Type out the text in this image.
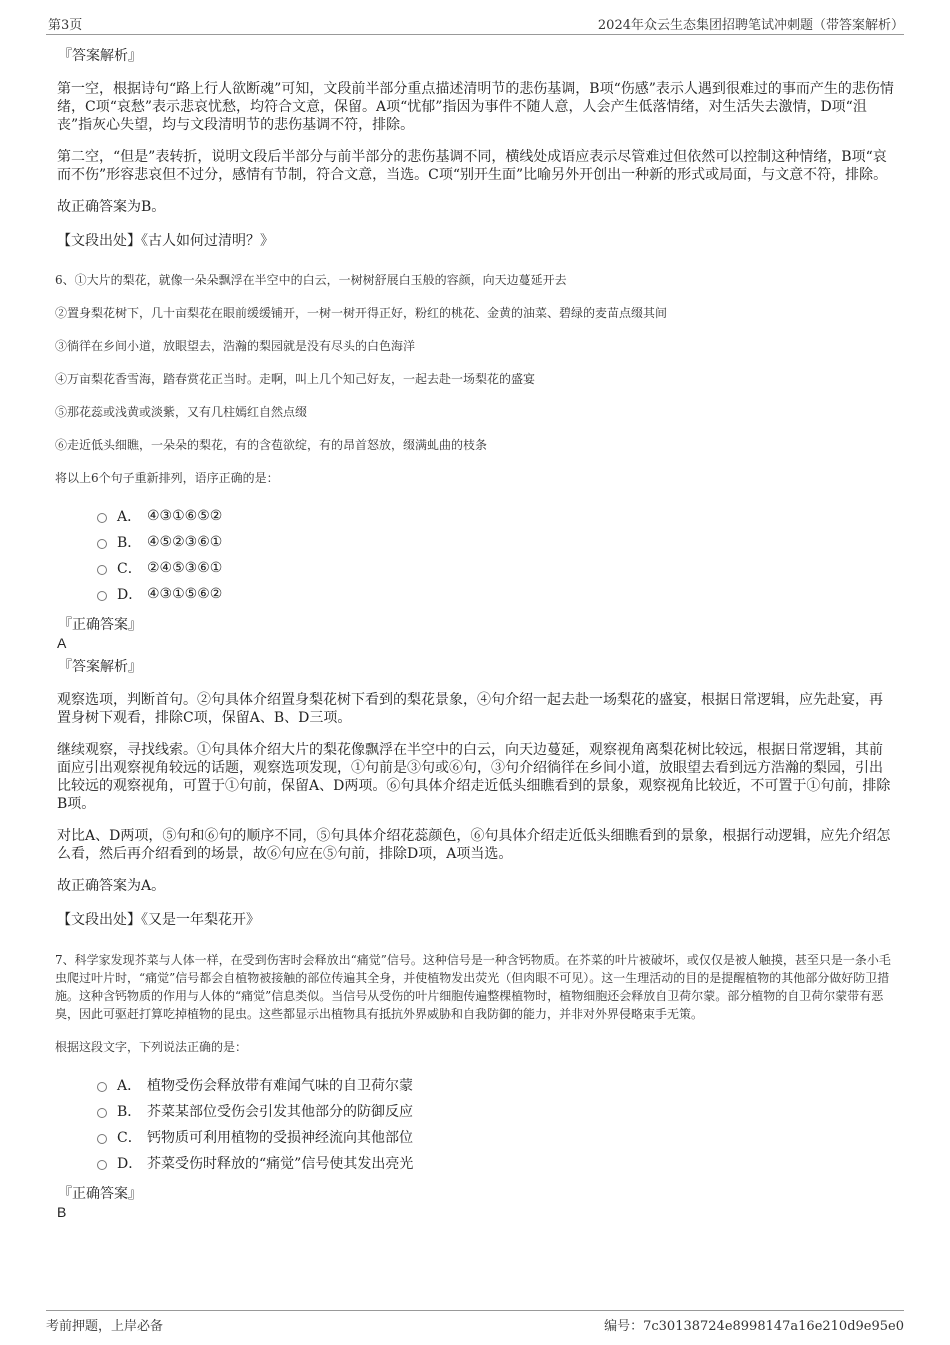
第3页	2024年众云生态集团招聘笔试冲刺题（带答案解析）
『答案解析』

第一空，根据诗句“路上行人欲断魂”可知，文段前半部分重点描述清明节的悲伤基调，B项“伤感”表示人遇到很难过的事而产生的悲伤情绪，C项“哀愁”表示悲哀忧愁，均符合文意，保留。A项“忧郁”指因为事件不随人意，人会产生低落情绪，对生活失去激情，D项“沮丧”指灰心失望，均与文段清明节的悲伤基调不符，排除。

第二空，“但是”表转折，说明文段后半部分与前半部分的悲伤基调不同，横线处成语应表示尽管难过但依然可以控制这种情绪，B项“哀而不伤”形容悲哀但不过分，感情有节制，符合文意，当选。C项“别开生面”比喻另外开创出一种新的形式或局面，与文意不符，排除。

故正确答案为B。

【文段出处】《古人如何过清明？》
6、①大片的梨花，就像一朵朵飘浮在半空中的白云，一树树舒展白玉般的容颜，向天边蔓延开去
②置身梨花树下，几十亩梨花在眼前缓缓铺开，一树一树开得正好，粉红的桃花、金黄的油菜、碧绿的麦苗点缀其间
③徜徉在乡间小道，放眼望去，浩瀚的梨园就是没有尽头的白色海洋
④万亩梨花香雪海，踏春赏花正当时。走啊，叫上几个知己好友，一起去赴一场梨花的盛宴
⑤那花蕊或浅黄或淡紫，又有几柱嫣红自然点缀
⑥走近低头细瞧，一朵朵的梨花，有的含苞欲绽，有的昂首怒放，缀满虬曲的枝条
将以上6个句子重新排列，语序正确的是：
A． ④③①⑥⑤②
B． ④⑤②③⑥①
C． ②④⑤③⑥①
D． ④③①⑤⑥②
『正确答案』
A
『答案解析』

观察选项，判断首句。②句具体介绍置身梨花树下看到的梨花景象，④句介绍一起去赴一场梨花的盛宴，根据日常逻辑，应先赴宴，再置身树下观看，排除C项，保留A、B、D三项。

继续观察，寻找线索。①句具体介绍大片的梨花像飘浮在半空中的白云，向天边蔓延，观察视角离梨花树比较远，根据日常逻辑，其前面应引出观察视角较远的话题，观察选项发现，①句前是③句或⑥句，③句介绍徜徉在乡间小道，放眼望去看到远方浩瀚的梨园，引出比较远的观察视角，可置于①句前，保留A、D两项。⑥句具体介绍走近低头细瞧看到的景象，观察视角比较近，不可置于①句前，排除B项。

对比A、D两项，⑤句和⑥句的顺序不同，⑤句具体介绍花蕊颜色，⑥句具体介绍走近低头细瞧看到的景象，根据行动逻辑，应先介绍怎么看，然后再介绍看到的场景，故⑥句应在⑤句前，排除D项，A项当选。

故正确答案为A。

【文段出处】《又是一年梨花开》
7、科学家发现芥菜与人体一样，在受到伤害时会释放出“痛觉”信号。这种信号是一种含钙物质。在芥菜的叶片被破坏，或仅仅是被人触摸，甚至只是一条小毛虫爬过叶片时，“痛觉”信号都会自植物被接触的部位传遍其全身，并使植物发出荧光（但肉眼不可见）。这一生理活动的目的是提醒植物的其他部分做好防卫措施。这种含钙物质的作用与人体的“痛觉”信息类似。当信号从受伤的叶片细胞传遍整棵植物时，植物细胞还会释放自卫荷尔蒙。部分植物的自卫荷尔蒙带有恶臭，因此可驱赶打算吃掉植物的昆虫。这些都显示出植物具有抵抗外界威胁和自我防御的能力，并非对外界侵略束手无策。
根据这段文字，下列说法正确的是：
A． 植物受伤会释放带有难闻气味的自卫荷尔蒙
B． 芥菜某部位受伤会引发其他部分的防御反应
C． 钙物质可利用植物的受损神经流向其他部位
D． 芥菜受伤时释放的“痛觉”信号使其发出亮光
『正确答案』
B
考前押题，上岸必备	编号：7c30138724e8998147a16e210d9e95e0
